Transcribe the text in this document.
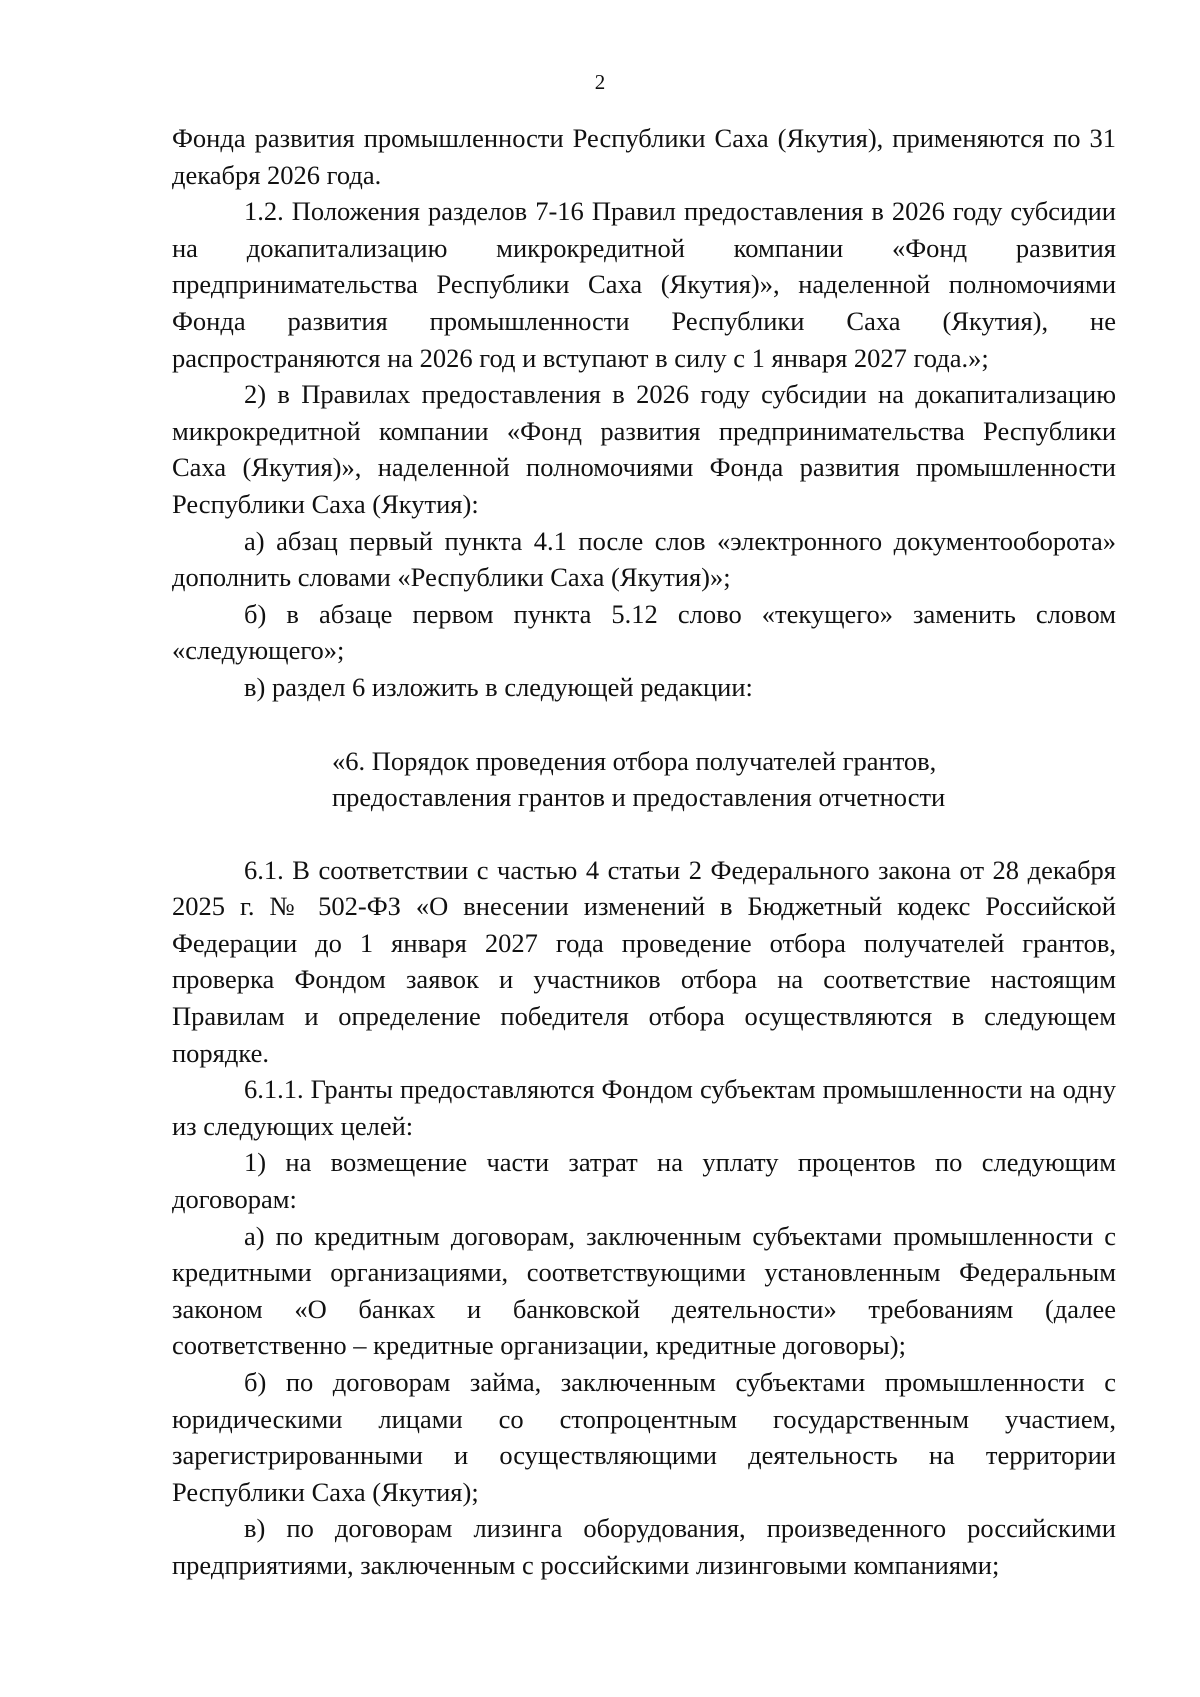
2

Фонда развития промышленности Республики Саха (Якутия), применяются по 31 декабря 2026 года.

1.2. Положения разделов 7-16 Правил предоставления в 2026 году субсидии на докапитализацию микрокредитной компании «Фонд развития предпринимательства Республики Саха (Якутия)», наделенной полномочиями Фонда развития промышленности Республики Саха (Якутия), не распространяются на 2026 год и вступают в силу с 1 января 2027 года.»;

2) в Правилах предоставления в 2026 году субсидии на докапитализацию микрокредитной компании «Фонд развития предпринимательства Республики Саха (Якутия)», наделенной полномочиями Фонда развития промышленности Республики Саха (Якутия):

а) абзац первый пункта 4.1 после слов «электронного документооборота» дополнить словами «Республики Саха (Якутия)»;

б) в абзаце первом пункта 5.12 слово «текущего» заменить словом «следующего»;

в) раздел 6 изложить в следующей редакции:

«6. Порядок проведения отбора получателей грантов,
предоставления грантов и предоставления отчетности

6.1. В соответствии с частью 4 статьи 2 Федерального закона от 28 декабря 2025 г. № 502-ФЗ «О внесении изменений в Бюджетный кодекс Российской Федерации до 1 января 2027 года проведение отбора получателей грантов, проверка Фондом заявок и участников отбора на соответствие настоящим Правилам и определение победителя отбора осуществляются в следующем порядке.

6.1.1. Гранты предоставляются Фондом субъектам промышленности на одну из следующих целей:

1) на возмещение части затрат на уплату процентов по следующим договорам:

а) по кредитным договорам, заключенным субъектами промышленности с кредитными организациями, соответствующими установленным Федеральным законом «О банках и банковской деятельности» требованиям (далее соответственно – кредитные организации, кредитные договоры);

б) по договорам займа, заключенным субъектами промышленности с юридическими лицами со стопроцентным государственным участием, зарегистрированными и осуществляющими деятельность на территории Республики Саха (Якутия);

в) по договорам лизинга оборудования, произведенного российскими предприятиями, заключенным с российскими лизинговыми компаниями;
